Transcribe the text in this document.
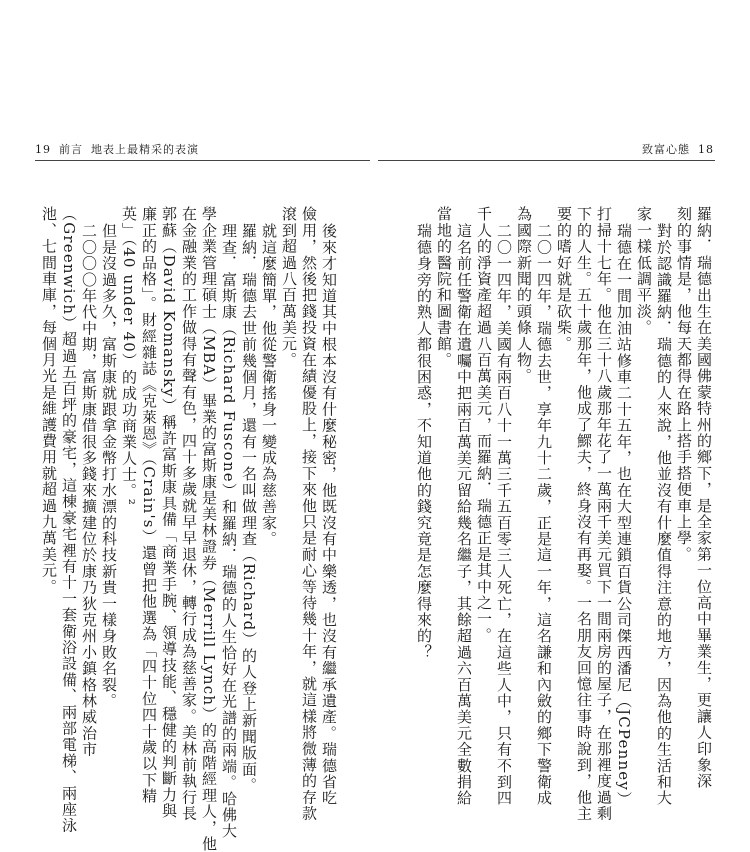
19 前言 地表上最精采的表演	致富心態 18
羅納．瑞德出生在美國佛蒙特州的鄉下，是全家第一位高中畢業生，更讓人印象深
刻的事情是，他每天都得在路上搭手搭便車上學。
對於認識羅納．瑞德的人來說，他並沒有什麼值得注意的地方，因為他的生活和大
家一樣低調平淡。
瑞德在一間加油站修車二十五年，也在大型連鎖百貨公司傑西潘尼（JCPenney）
打掃十七年。他在三十八歲那年花了一萬兩千美元買下一間兩房的屋子，在那裡度過剩
下的人生。五十歲那年，他成了鰥夫，終身沒有再娶。一名朋友回憶往事時說到，他主
要的嗜好就是砍柴。
二〇一四年，瑞德去世，享年九十二歲，正是這一年，這名謙和內斂的鄉下警衛成
為國際新聞的頭條人物。
二〇一四年，美國有兩百八十一萬三千五百零三人死亡，在這些人中，只有不到四
千人的淨資產超過八百萬美元，而羅納．瑞德正是其中之一。
這名前任警衛在遺囑中把兩百萬美元留給幾名繼子，其餘超過六百萬美元全數捐給
當地的醫院和圖書館。
瑞德身旁的熟人都很困惑，不知道他的錢究竟是怎麼得來的？
後來才知道其中根本沒有什麼秘密，他既沒有中樂透，也沒有繼承遺產。瑞德省吃
儉用，然後把錢投資在績優股上，接下來他只是耐心等待幾十年，就這樣將微薄的存款
滾到超過八百萬美元。
就這麼簡單，他從警衛搖身一變成為慈善家。
羅納．瑞德去世前幾個月，還有一名叫做理查（Richard）的人登上新聞版面。
理查．富斯康（Richard Fuscone）和羅納．瑞德的人生恰好在光譜的兩端。哈佛大
學企業管理碩士（MBA）畢業的富斯康是美林證券（Merrill Lynch）的高階經理人，他
在金融業的工作做得有聲有色，四十多歲就早早退休，轉行成為慈善家。美林前執行長
郭蘇（David Komansky）稱許富斯康具備「商業手腕、領導技能、穩健的判斷力與
廉正的品格」。財經雜誌《克萊恩》（Crain's）還曾把他選為「四十位四十歲以下精
英」（40 under 40）的成功商業人士。²
但是沒過多久，富斯康就跟拿金幣打水漂的科技新貴一樣身敗名裂。
二〇〇〇年代中期，富斯康借很多錢來擴建位於康乃狄克州小鎮格林威治市
（Greenwich）超過五百坪的豪宅，這棟豪宅裡有十一套衛浴設備、兩部電梯、兩座泳
池、七間車庫，每個月光是維護費用就超過九萬美元。
